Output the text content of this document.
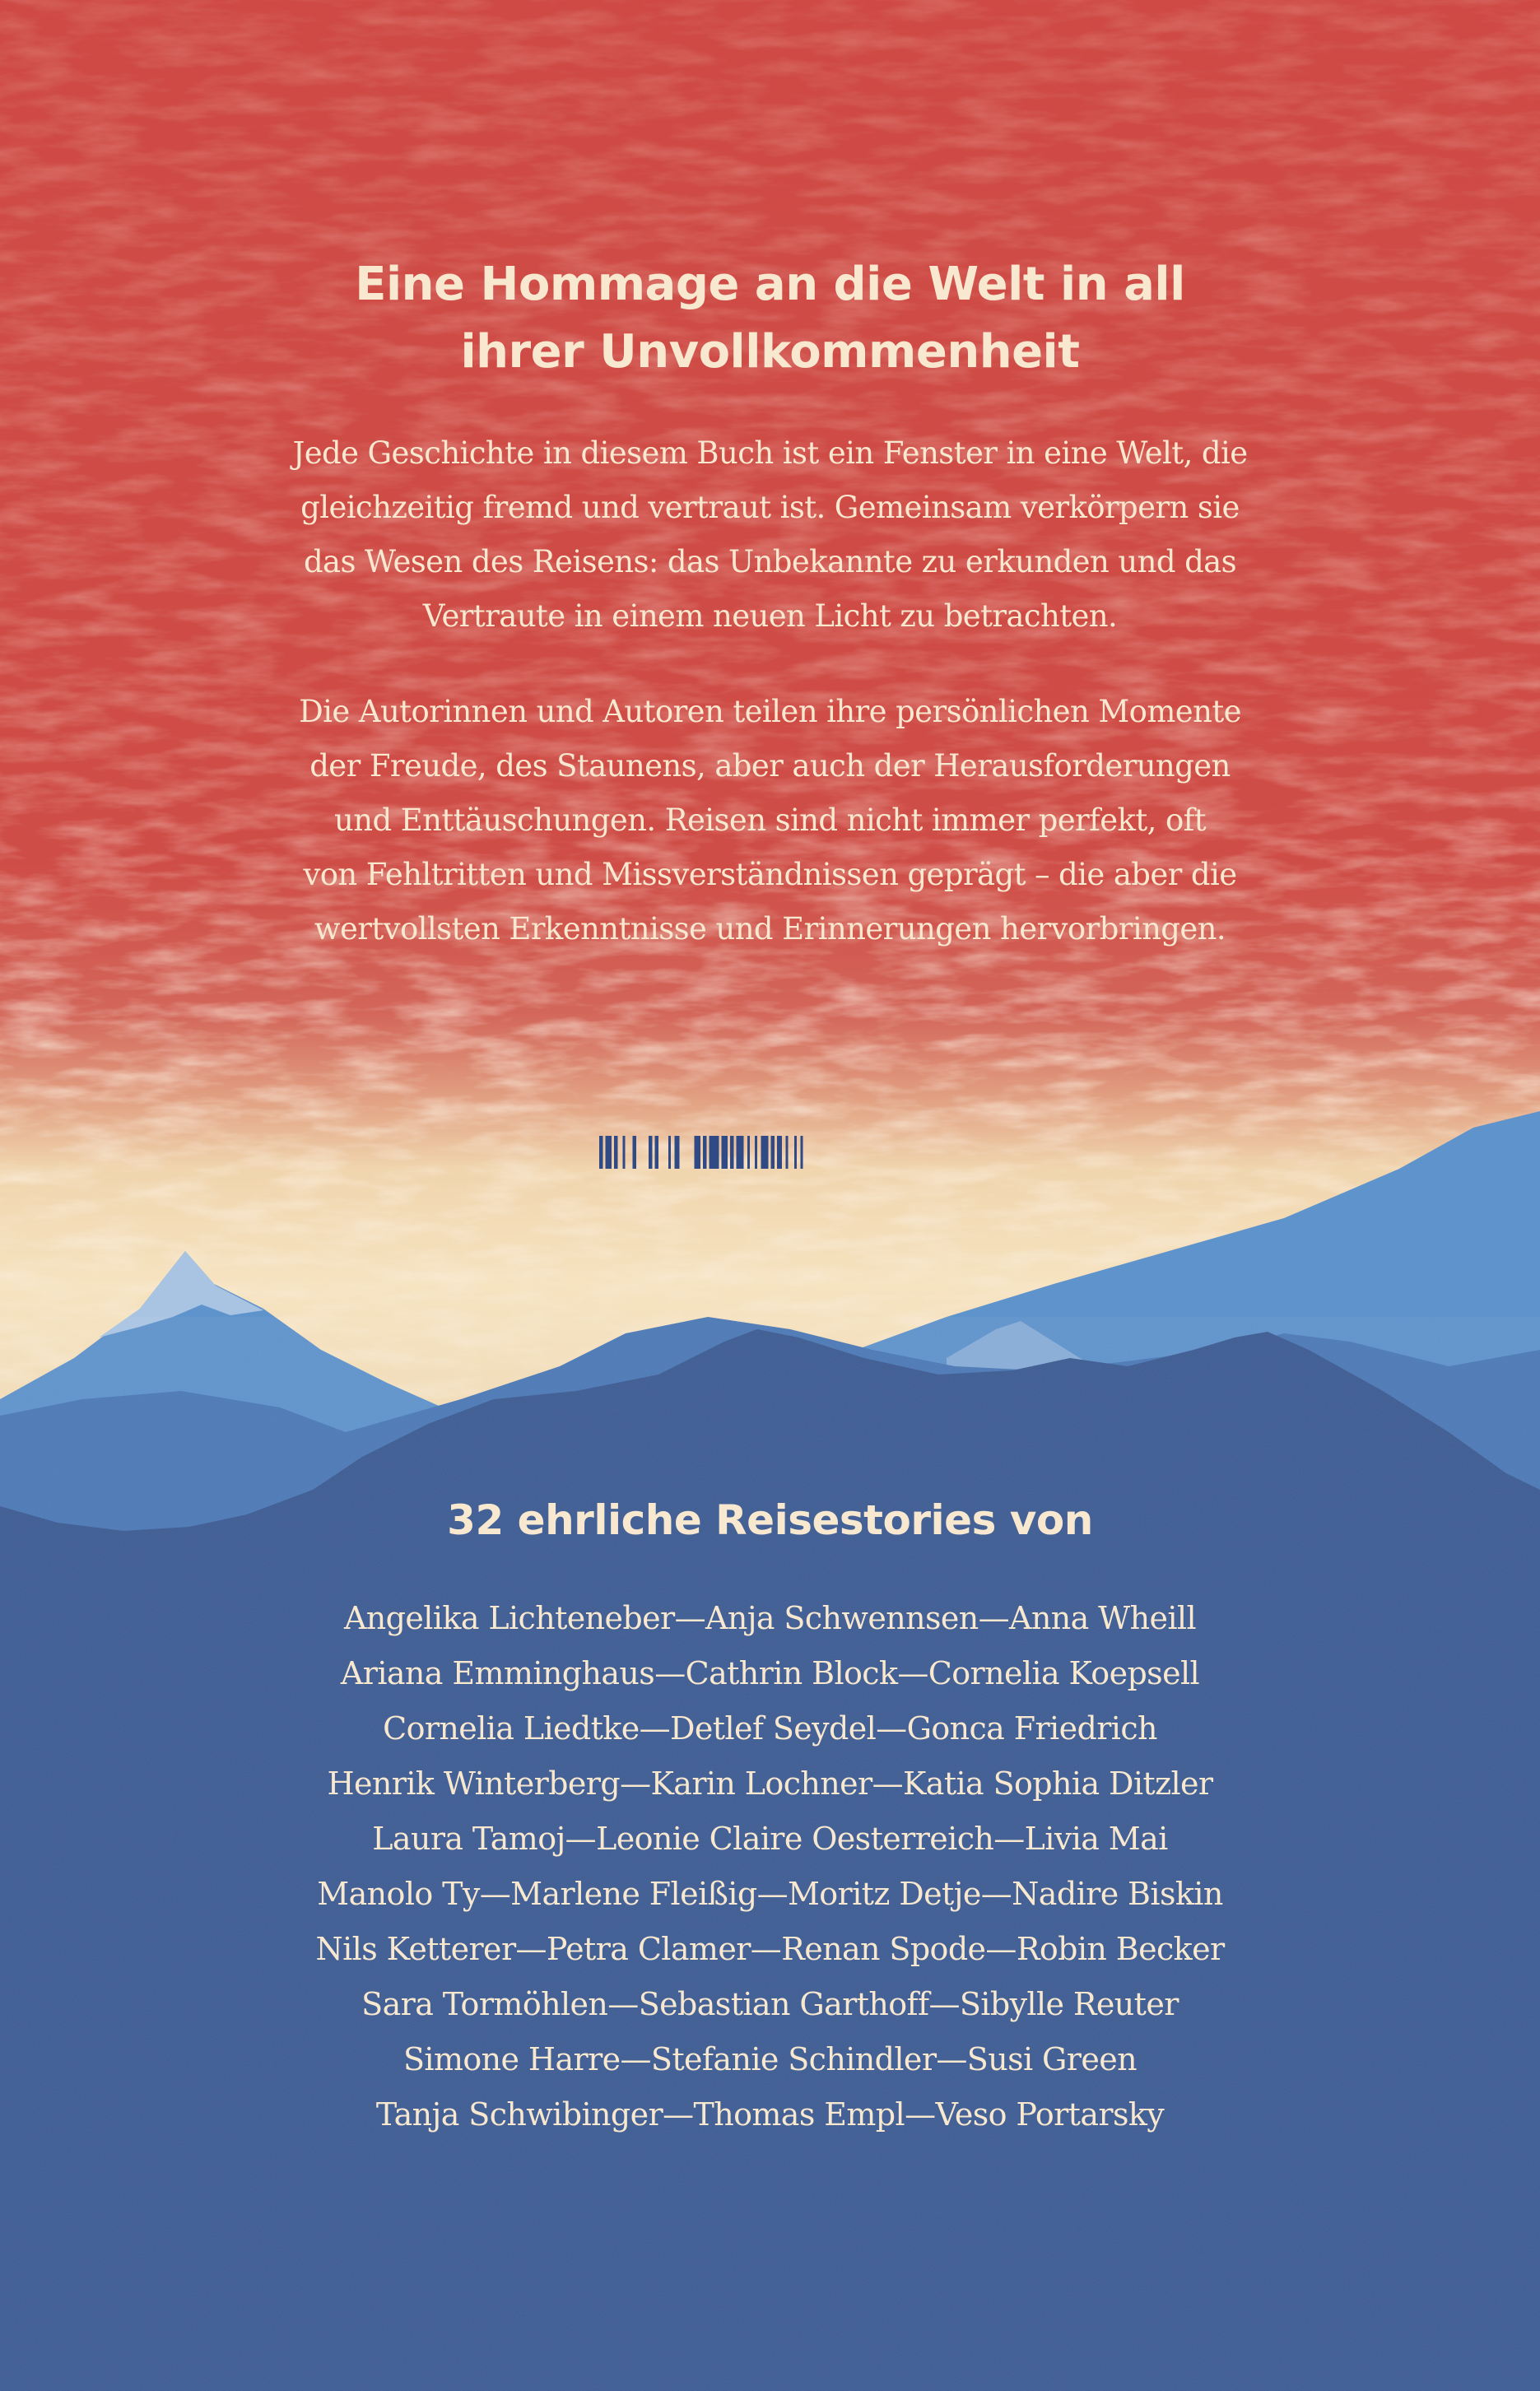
Eine Hommage an die Welt in all
ihrer Unvollkommenheit
Jede Geschichte in diesem Buch ist ein Fenster in eine Welt, die
gleichzeitig fremd und vertraut ist. Gemeinsam verkörpern sie
das Wesen des Reisens: das Unbekannte zu erkunden und das
Vertraute in einem neuen Licht zu betrachten.
Die Autorinnen und Autoren teilen ihre persönlichen Momente
der Freude, des Staunens, aber auch der Herausforderungen
und Enttäuschungen. Reisen sind nicht immer perfekt, oft
von Fehltritten und Missverständnissen geprägt – die aber die
wertvollsten Erkenntnisse und Erinnerungen hervorbringen.
32 ehrliche Reisestories von
Angelika Lichteneber—Anja Schwennsen—Anna Wheill
Ariana Emminghaus—Cathrin Block—Cornelia Koepsell
Cornelia Liedtke—Detlef Seydel—Gonca Friedrich
Henrik Winterberg—Karin Lochner—Katia Sophia Ditzler
Laura Tamoj—Leonie Claire Oesterreich—Livia Mai
Manolo Ty—Marlene Fleißig—Moritz Detje—Nadire Biskin
Nils Ketterer—Petra Clamer—Renan Spode—Robin Becker
Sara Tormöhlen—Sebastian Garthoff—Sibylle Reuter
Simone Harre—Stefanie Schindler—Susi Green
Tanja Schwibinger—Thomas Empl—Veso Portarsky
